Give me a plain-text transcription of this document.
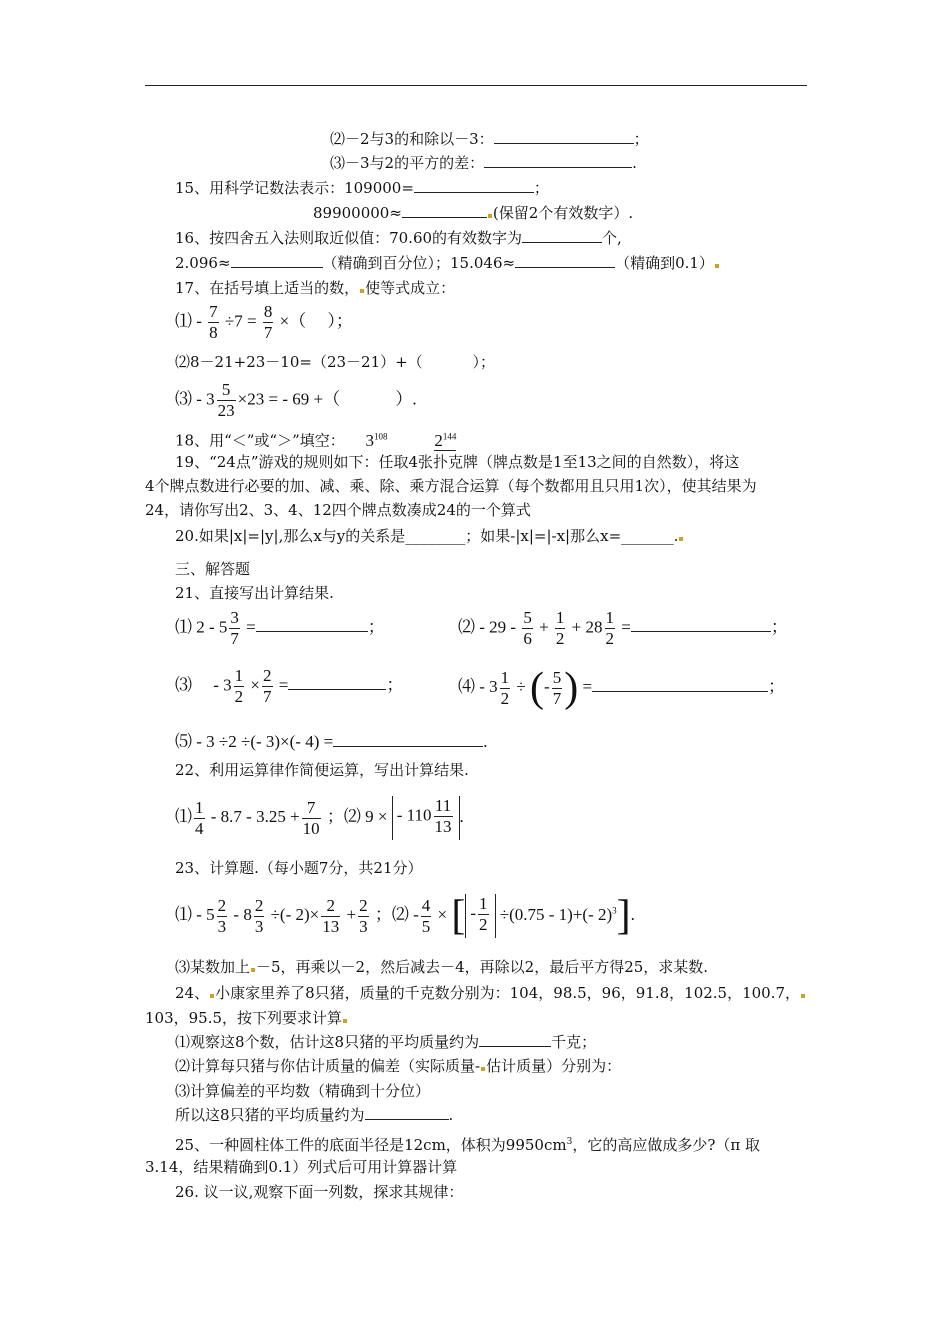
⑵－2与3的和除以－3：	；
⑶－3与2的平方的差：	.
15、用科学记数法表示：109000=	；
89900000≈	(保留2个有效数字）.
16、按四舍五入法则取近似值：70.60的有效数字为	个,
2.096≈	（精确到百分位）；15.046≈	（精确到0.1）
17、在括号填上适当的数， 使等式成立：
⑴ - $\frac{7}{8} \div 7 = \frac{8}{7}$ ×（　 ）；
⑵8－21+23－10=（23－21）+（　　　 ）；
⑶ - $3 \frac{5}{23} \times 23$ = - 69 +（　　　 ）.
18、用“＜”或“＞”填空： $3^{108}$	$2^{144}$
19、“24点”游戏的规则如下：任取4张扑克牌（牌点数是1至13之间的自然数），将这
4个牌点数进行必要的加、减、乘、除、乘方混合运算（每个数都用且只用1次），使其结果为
24，请你写出2、3、4、12四个牌点数凑成24的一个算式
20.如果|x|=|y|,那么x与y的关系是________；如果-|x|=|-x|那么x=_______.
三、解答题
21、直接写出计算结果.
⑴ $2 - 5 \frac{3}{7}$ =	；	⑵ - $29 - \frac{5}{6} + \frac{1}{2} + 28 \frac{1}{2}$ =	；
⑶　 - $3 \frac{1}{2} \times \frac{2}{7}$ =	；	⑷ - $3 \frac{1}{2}$ ÷ (- $\frac{5}{7}$ ) =	；
⑸ - 3 ÷2 ÷(- 3)×(- 4) =	.
22、利用运算律作简便运算，写出计算结果.
⑴ $\frac{1}{4} - 8.7 - 3.25 + \frac{7}{10}$ ；⑵ 9 × - $110 \frac{11}{13}$ .
23、计算题.（每小题7分，共21分）
⑴ - $5 \frac{2}{3} - 8 \frac{2}{3}$ ÷(- $2)\times \frac{2}{13} + \frac{2}{3}$ ；⑵ - $\frac{4}{5}$ × [ - $\frac{1}{2} \div(0.75 - 1)+(-$ 2)$^3$].
⑶某数加上 －5，再乘以－2，然后减去－4，再除以2，最后平方得25，求某数.
24、 小康家里养了8只猪，质量的千克数分别为：104，98.5，96，91.8，102.5，100.7，
103，95.5，按下列要求计算
⑴观察这8个数，估计这8只猪的平均质量约为	千克；
⑵计算每只猪与你估计质量的偏差（实际质量- 估计质量）分别为：
⑶计算偏差的平均数（精确到十分位）
所以这8只猪的平均质量约为	.
25、一种圆柱体工件的底面半径是12cm，体积为$9950cm^3$，它的高应做成多少?（π 取
3.14，结果精确到0.1）列式后可用计算器计算
26. 议一议,观察下面一列数，探求其规律：
